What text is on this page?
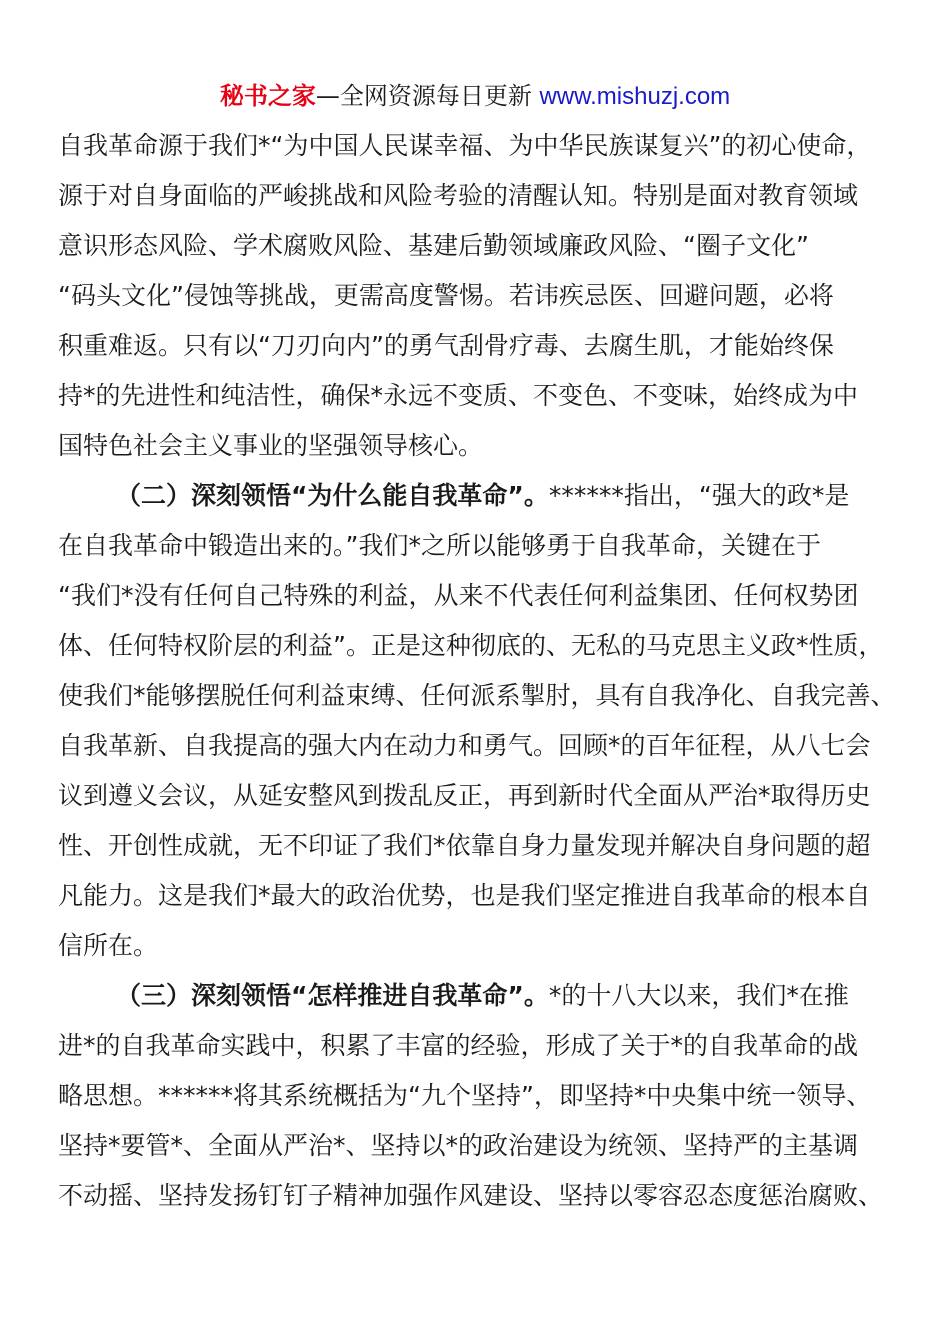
秘书之家—全网资源每日更新 www.mishuzj.com
自我革命源于我们*“为中国人民谋幸福、为中华民族谋复兴”的初心使命，
源于对自身面临的严峻挑战和风险考验的清醒认知。特别是面对教育领域
意识形态风险、学术腐败风险、基建后勤领域廉政风险、“圈子文化”
“码头文化”侵蚀等挑战，更需高度警惕。若讳疾忌医、回避问题，必将
积重难返。只有以“刀刃向内”的勇气刮骨疗毒、去腐生肌，才能始终保
持*的先进性和纯洁性，确保*永远不变质、不变色、不变味，始终成为中
国特色社会主义事业的坚强领导核心。
（二）深刻领悟“为什么能自我革命”。******指出，“强大的政*是
在自我革命中锻造出来的。”我们*之所以能够勇于自我革命，关键在于
“我们*没有任何自己特殊的利益，从来不代表任何利益集团、任何权势团
体、任何特权阶层的利益”。正是这种彻底的、无私的马克思主义政*性质，
使我们*能够摆脱任何利益束缚、任何派系掣肘，具有自我净化、自我完善、
自我革新、自我提高的强大内在动力和勇气。回顾*的百年征程，从八七会
议到遵义会议，从延安整风到拨乱反正，再到新时代全面从严治*取得历史
性、开创性成就，无不印证了我们*依靠自身力量发现并解决自身问题的超
凡能力。这是我们*最大的政治优势，也是我们坚定推进自我革命的根本自
信所在。
（三）深刻领悟“怎样推进自我革命”。*的十八大以来，我们*在推
进*的自我革命实践中，积累了丰富的经验，形成了关于*的自我革命的战
略思想。******将其系统概括为“九个坚持”，即坚持*中央集中统一领导、
坚持*要管*、全面从严治*、坚持以*的政治建设为统领、坚持严的主基调
不动摇、坚持发扬钉钉子精神加强作风建设、坚持以零容忍态度惩治腐败、
